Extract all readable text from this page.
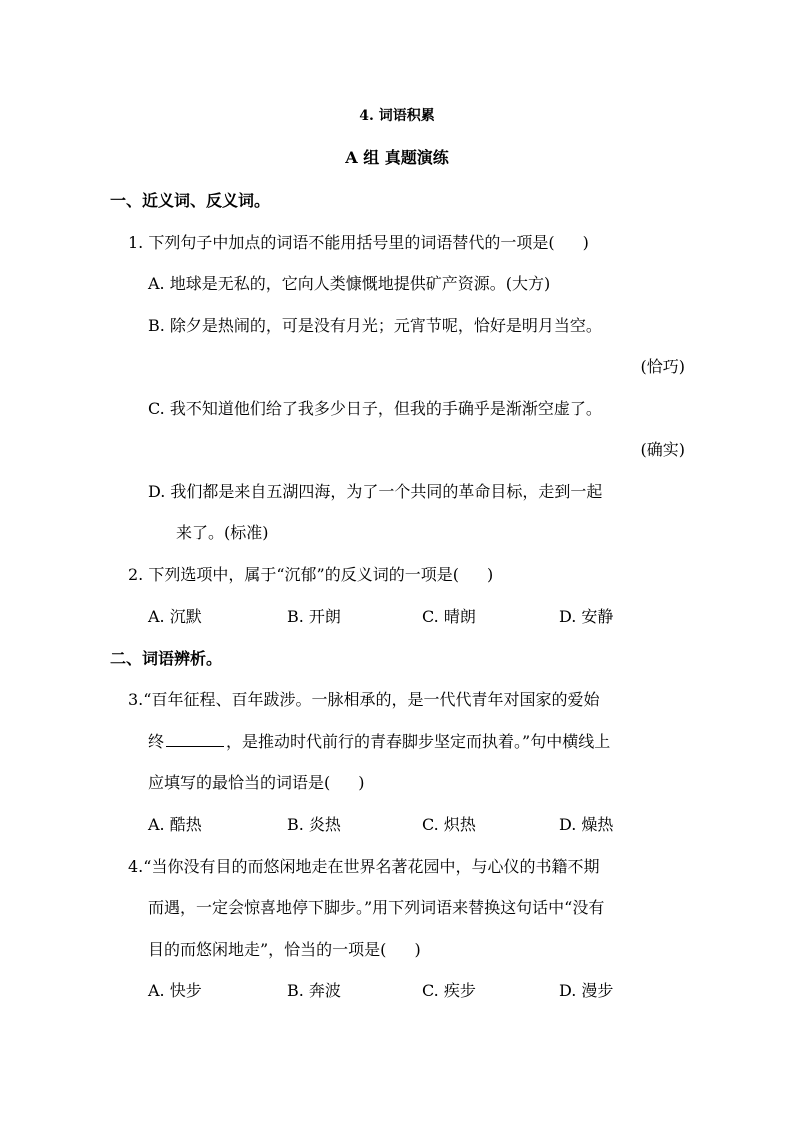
4. 词语积累
A 组 真题演练
一、近义词、反义词。
1. 下列句子中加点的词语不能用括号里的词语替代的一项是( )
A. 地球是无私的，它向人类慷慨地提供矿产资源。(大方)
B. 除夕是热闹的，可是没有月光；元宵节呢，恰好是明月当空。
(恰巧)
C. 我不知道他们给了我多少日子，但我的手确乎是渐渐空虚了。
(确实)
D. 我们都是来自五湖四海，为了一个共同的革命目标，走到一起
来了。(标准)
2. 下列选项中，属于“沉郁”的反义词的一项是( )
A. 沉默	B. 开朗	C. 晴朗	D. 安静
二、词语辨析。
3.“百年征程、百年跋涉。一脉相承的，是一代代青年对国家的爱始
终	，是推动时代前行的青春脚步坚定而执着。”句中横线上
应填写的最恰当的词语是( )
A. 酷热	B. 炎热	C. 炽热	D. 燥热
4.“当你没有目的而悠闲地走在世界名著花园中，与心仪的书籍不期
而遇，一定会惊喜地停下脚步。”用下列词语来替换这句话中“没有
目的而悠闲地走”，恰当的一项是( )
A. 快步	B. 奔波	C. 疾步	D. 漫步
